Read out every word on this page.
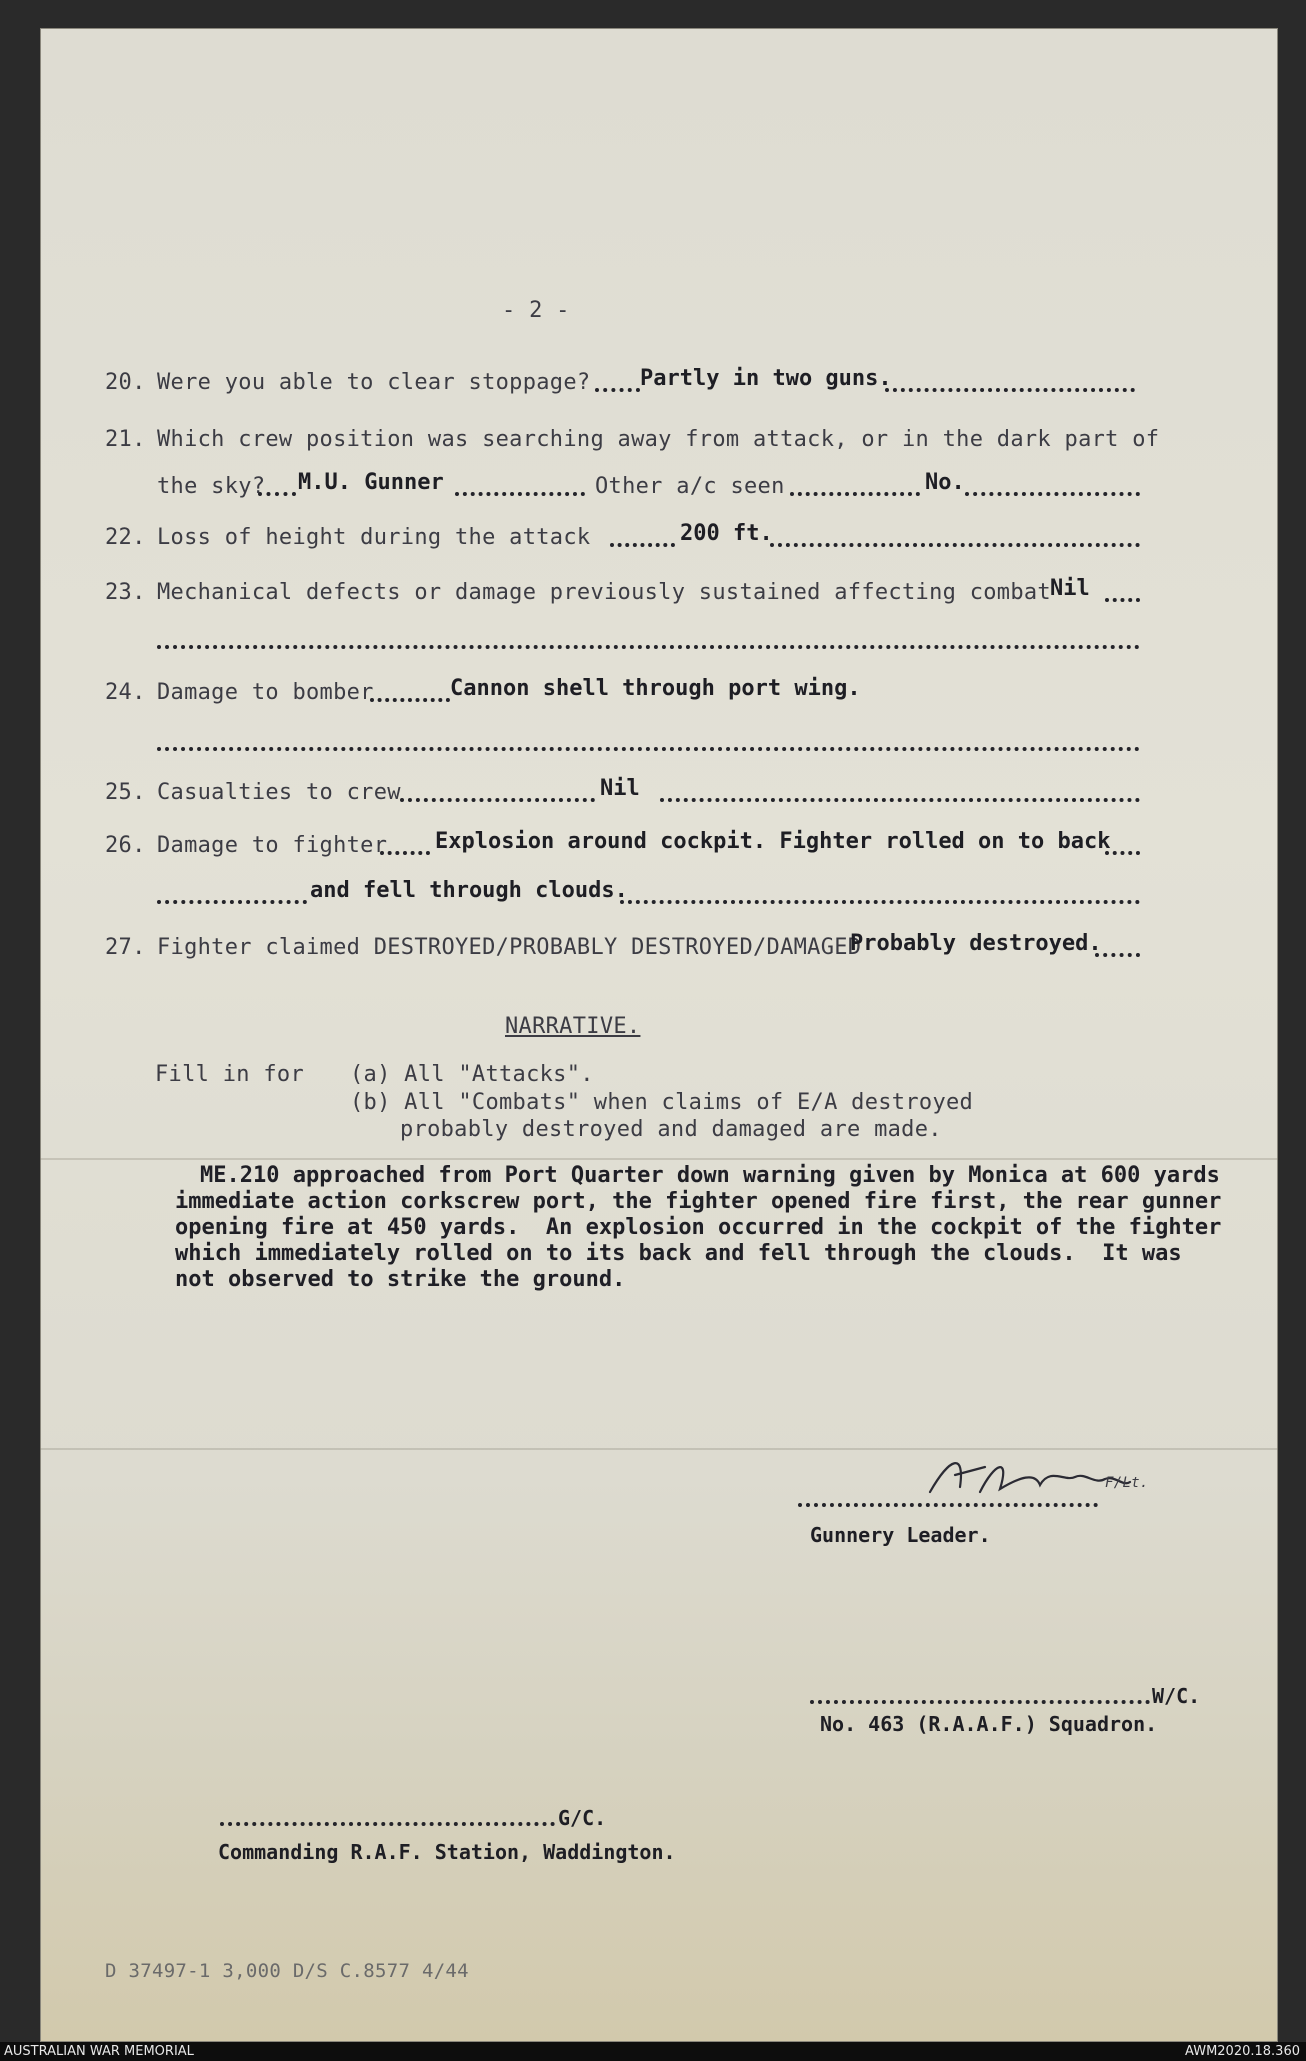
- 2 -
20. Were you able to clear stoppage? Partly in two guns.
21. Which crew position was searching away from attack, or in the dark part of
the sky? M.U. Gunner	Other a/c seen	No.
22. Loss of height during the attack	200 ft.
23. Mechanical defects or damage previously sustained affecting combat Nil
24. Damage to bomber	Cannon shell through port wing.
25. Casualties to crew	Nil
26. Damage to fighter Explosion around cockpit. Fighter rolled on to back
and fell through clouds.
27. Fighter claimed DESTROYED/PROBABLY DESTROYED/DAMAGED
Probably destroyed.
NARRATIVE.
Fill in for (a) All "Attacks".
(b) All "Combats" when claims of E/A destroyed
probably destroyed and damaged are made.
ME.210 approached from Port Quarter down warning given by Monica at 600 yards
immediate action corkscrew port, the fighter opened fire first, the rear gunner
opening fire at 450 yards.  An explosion occurred in the cockpit of the fighter
which immediately rolled on to its back and fell through the clouds.  It was
not observed to strike the ground.
F/Lt.
Gunnery Leader.
W/C.
No. 463 (R.A.A.F.) Squadron.
G/C.
Commanding R.A.F. Station, Waddington.
D 37497-1 3,000 D/S C.8577 4/44
AUSTRALIAN WAR MEMORIAL	AWM2020.18.360
